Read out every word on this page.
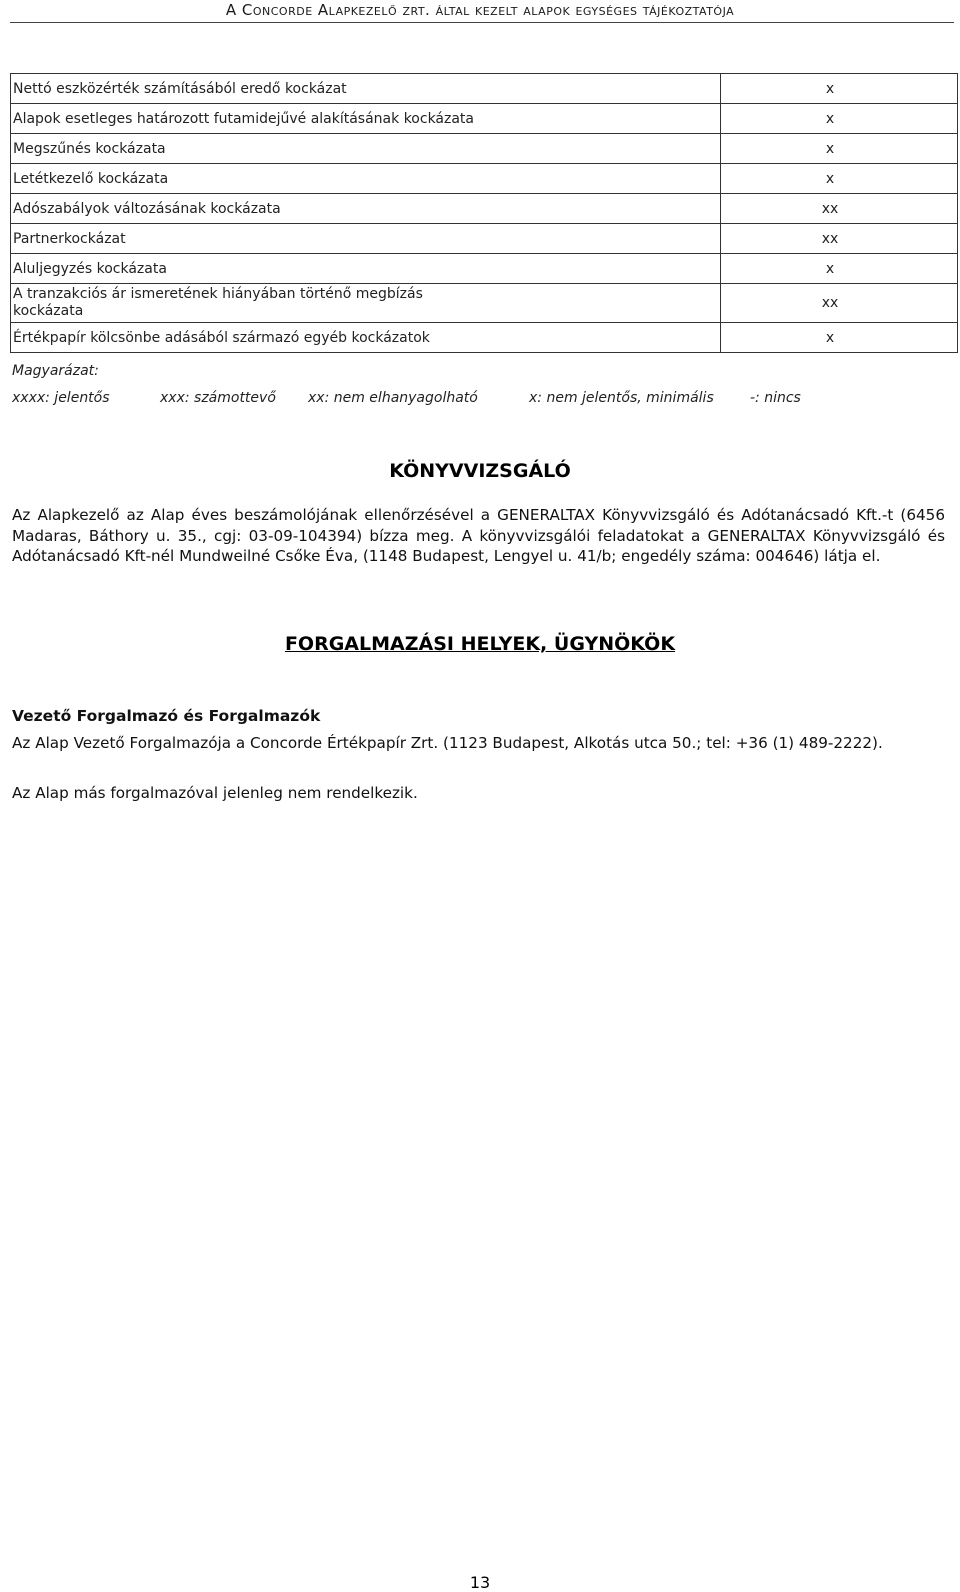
A Concorde Alapkezelő zrt. által kezelt alapok egységes tájékoztatója
Nettó eszközérték számításából eredő kockázat	x
Alapok esetleges határozott futamidejűvé alakításának kockázata	x
Megszűnés kockázata	x
Letétkezelő kockázata	x
Adószabályok változásának kockázata	xx
Partnerkockázat	xx
Aluljegyzés kockázata	x

A tranzakciós ár ismeretének hiányában történő megbízás kockázata	xx
Értékpapír kölcsönbe adásából származó egyéb kockázatok	x
Magyarázat:
xxxx: jelentős	xxx: számottevő xx: nem elhanyagolható	x: nem jelentős, minimális	-: nincs
KÖNYVVIZSGÁLÓ
Az Alapkezelő az Alap éves beszámolójának ellenőrzésével a GENERALTAX Könyvvizsgáló és Adótanácsadó Kft.-t (6456 Madaras, Báthory u. 35., cgj: 03-09-104394) bízza meg. A könyvvizsgálói feladatokat a GENERALTAX Könyvvizsgáló és Adótanácsadó Kft-nél Mundweilné Csőke Éva, (1148 Budapest, Lengyel u. 41/b; engedély száma: 004646) látja el.
FORGALMAZÁSI HELYEK, ÜGYNÖKÖK
Vezető Forgalmazó és Forgalmazók
Az Alap Vezető Forgalmazója a Concorde Értékpapír Zrt. (1123 Budapest, Alkotás utca 50.; tel: +36 (1) 489-2222).
Az Alap más forgalmazóval jelenleg nem rendelkezik.
13
